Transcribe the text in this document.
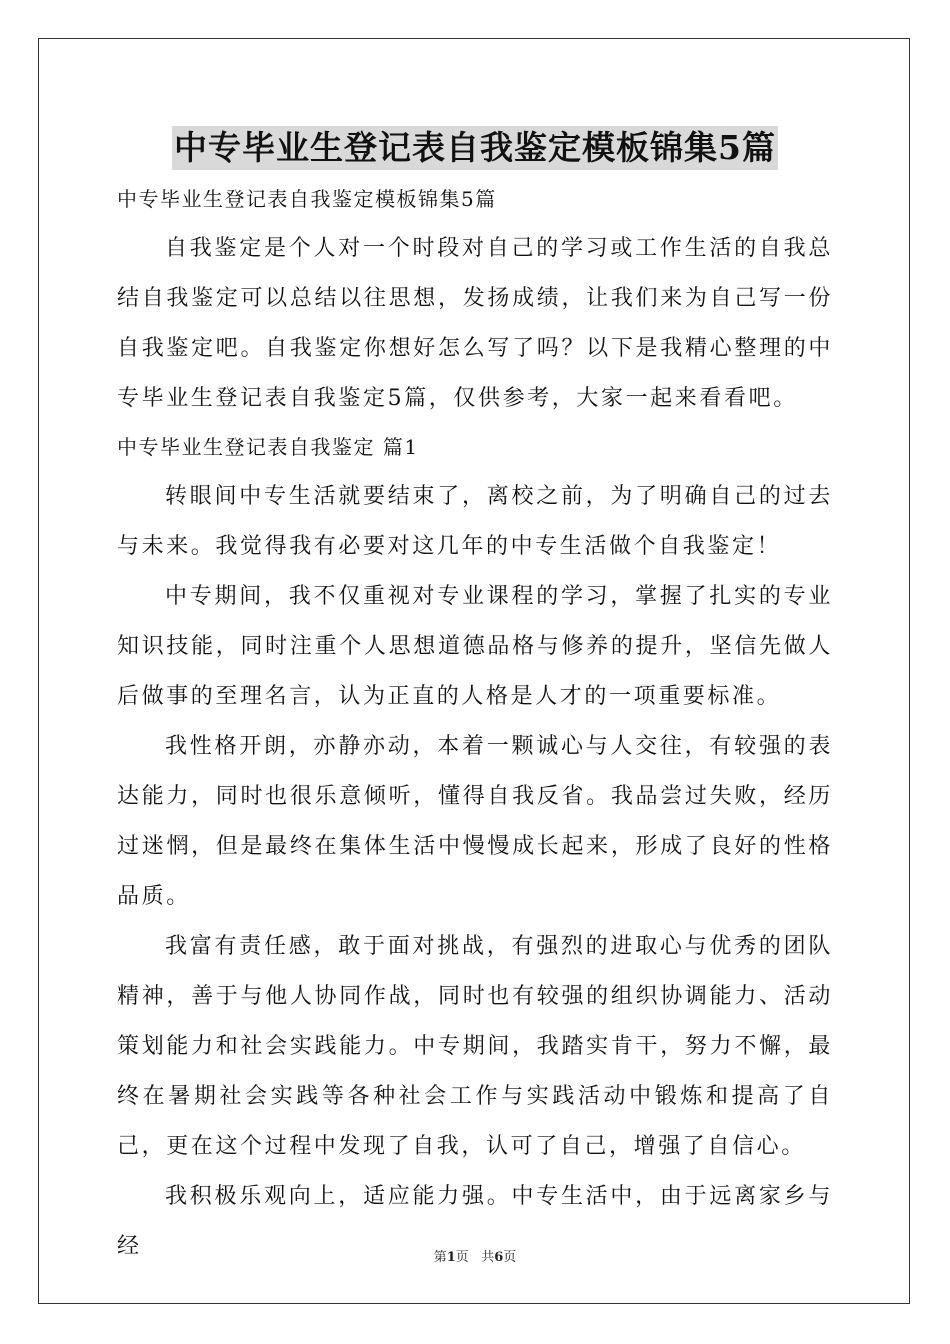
中专毕业生登记表自我鉴定模板锦集5篇

中专毕业生登记表自我鉴定模板锦集5篇

自我鉴定是个人对一个时段对自己的学习或工作生活的自我总结自我鉴定可以总结以往思想，发扬成绩，让我们来为自己写一份自我鉴定吧。自我鉴定你想好怎么写了吗？以下是我精心整理的中专毕业生登记表自我鉴定5篇，仅供参考，大家一起来看看吧。

中专毕业生登记表自我鉴定 篇1

转眼间中专生活就要结束了，离校之前，为了明确自己的过去与未来。我觉得我有必要对这几年的中专生活做个自我鉴定！

中专期间，我不仅重视对专业课程的学习，掌握了扎实的专业知识技能，同时注重个人思想道德品格与修养的提升，坚信先做人后做事的至理名言，认为正直的人格是人才的一项重要标准。

我性格开朗，亦静亦动，本着一颗诚心与人交往，有较强的表达能力，同时也很乐意倾听，懂得自我反省。我品尝过失败，经历过迷惘，但是最终在集体生活中慢慢成长起来，形成了良好的性格品质。

我富有责任感，敢于面对挑战，有强烈的进取心与优秀的团队精神，善于与他人协同作战，同时也有较强的组织协调能力、活动策划能力和社会实践能力。中专期间，我踏实肯干，努力不懈，最终在暑期社会实践等各种社会工作与实践活动中锻炼和提高了自己，更在这个过程中发现了自我，认可了自己，增强了自信心。

我积极乐观向上，适应能力强。中专生活中，由于远离家乡与经	第1页 共6页
